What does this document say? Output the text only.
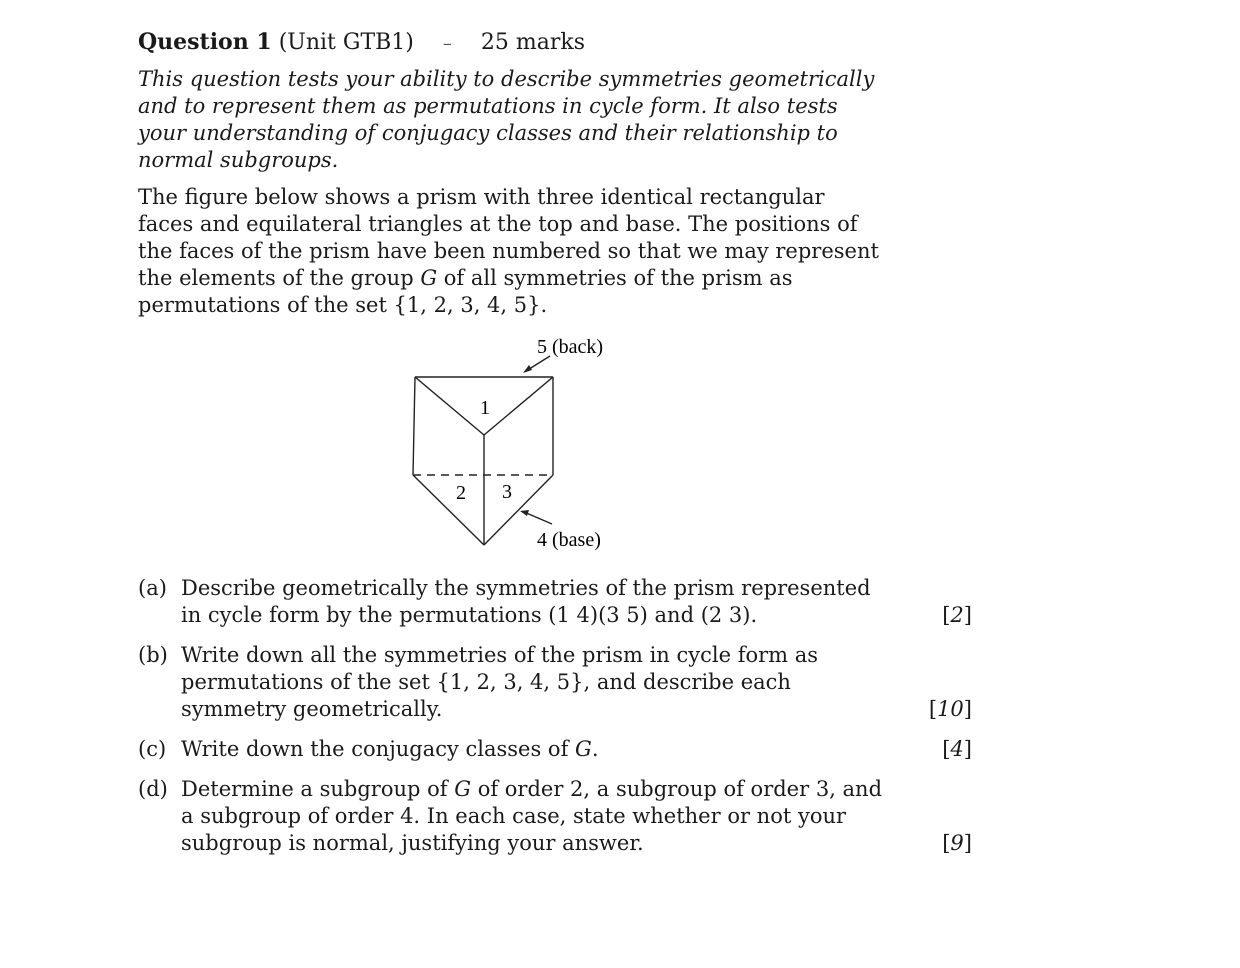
Question 1 (Unit GTB1) – 25 marks

This question tests your ability to describe symmetries geometrically and to represent them as permutations in cycle form. It also tests your understanding of conjugacy classes and their relationship to normal subgroups.

The figure below shows a prism with three identical rectangular faces and equilateral triangles at the top and base. The positions of the faces of the prism have been numbered so that we may represent the elements of the group G of all symmetries of the prism as permutations of the set {1, 2, 3, 4, 5}.

5 (back)
1
2 3
4 (base)
(a) Describe geometrically the symmetries of the prism represented in cycle form by the permutations (1 4)(3 5) and (2 3).	[2]
(b) Write down all the symmetries of the prism in cycle form as permutations of the set {1, 2, 3, 4, 5}, and describe each symmetry geometrically.	[10]
(c) Write down the conjugacy classes of G.	[4]
(d) Determine a subgroup of G of order 2, a subgroup of order 3, and a subgroup of order 4. In each case, state whether or not your subgroup is normal, justifying your answer.	[9]
